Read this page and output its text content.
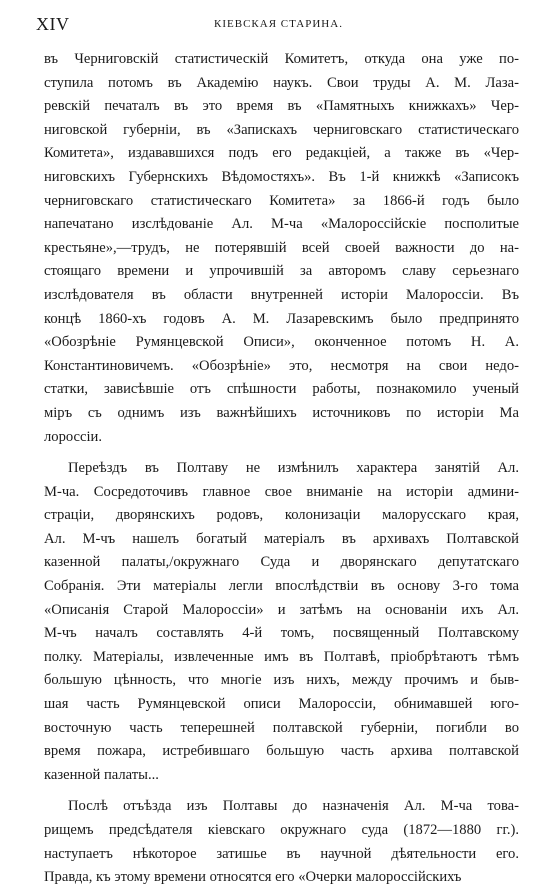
XIV	КІЕВСКАЯ СТАРИНА.
въ Черниговскій статистическій Комитетъ, откуда она уже по-
ступила потомъ въ Академію наукъ. Свои труды А. М. Лаза-
ревскій печаталъ въ это время въ «Памятныхъ книжкахъ» Чер-
ниговской губерніи, въ «Запискахъ черниговскаго статистическаго
Комитета», издававшихся подъ его редакціей, а также въ «Чер-
ниговскихъ Губернскихъ Вѣдомостяхъ». Въ 1-й книжкѣ «Записокъ
черниговскаго статистическаго Комитета» за 1866-й годъ было
напечатано изслѣдованіе Ал. М-ча «Малороссійскіе посполитые
крестьяне»,—трудъ, не потерявшій всей своей важности до на-
стоящаго времени и упрочившій за авторомъ славу серьезнаго
изслѣдователя въ области внутренней исторіи Малороссіи. Въ
концѣ 1860-хъ годовъ А. М. Лазаревскимъ было предпринято
«Обозрѣніе Румянцевской Описи», оконченное потомъ Н. А.
Константиновичемъ. «Обозрѣніе» это, несмотря на свои недо-
статки, зависѣвшіе отъ спѣшности работы, познакомило ученый
міръ съ однимъ изъ важнѣйшихъ источниковъ по исторіи Ма
лороссіи.
Переѣздъ въ Полтаву не измѣнилъ характера занятій Ал.
М-ча. Сосредоточивъ главное свое вниманіе на исторіи админи-
страціи, дворянскихъ родовъ, колонизаціи малорусскаго края,
Ал. М-чъ нашелъ богатый матеріалъ въ архивахъ Полтавской
казенной палаты,/окружнаго Суда и дворянскаго депутатскаго
Собранія. Эти матеріалы легли впослѣдствіи въ основу 3-го тома
«Описанія Старой Малороссіи» и затѣмъ на основаніи ихъ Ал.
М-чъ началъ составлять 4-й томъ, посвященный Полтавскому
полку. Матеріалы, извлеченные имъ въ Полтавѣ, пріобрѣтаютъ тѣмъ
большую цѣнность, что многіе изъ нихъ, между прочимъ и быв-
шая часть Румянцевской описи Малороссіи, обнимавшей юго-
восточную часть теперешней полтавской губерніи, погибли во
время пожара, истребившаго большую часть архива полтавской
казенной палаты...
Послѣ отъѣзда изъ Полтавы до назначенія Ал. М-ча това-
рищемъ предсѣдателя кіевскаго окружнаго суда (1872—1880 гг.).
наступаетъ нѣкоторое затишье въ научной дѣятельности его.
Правда, къ этому времени относятся его «Очерки малороссійскихъ
